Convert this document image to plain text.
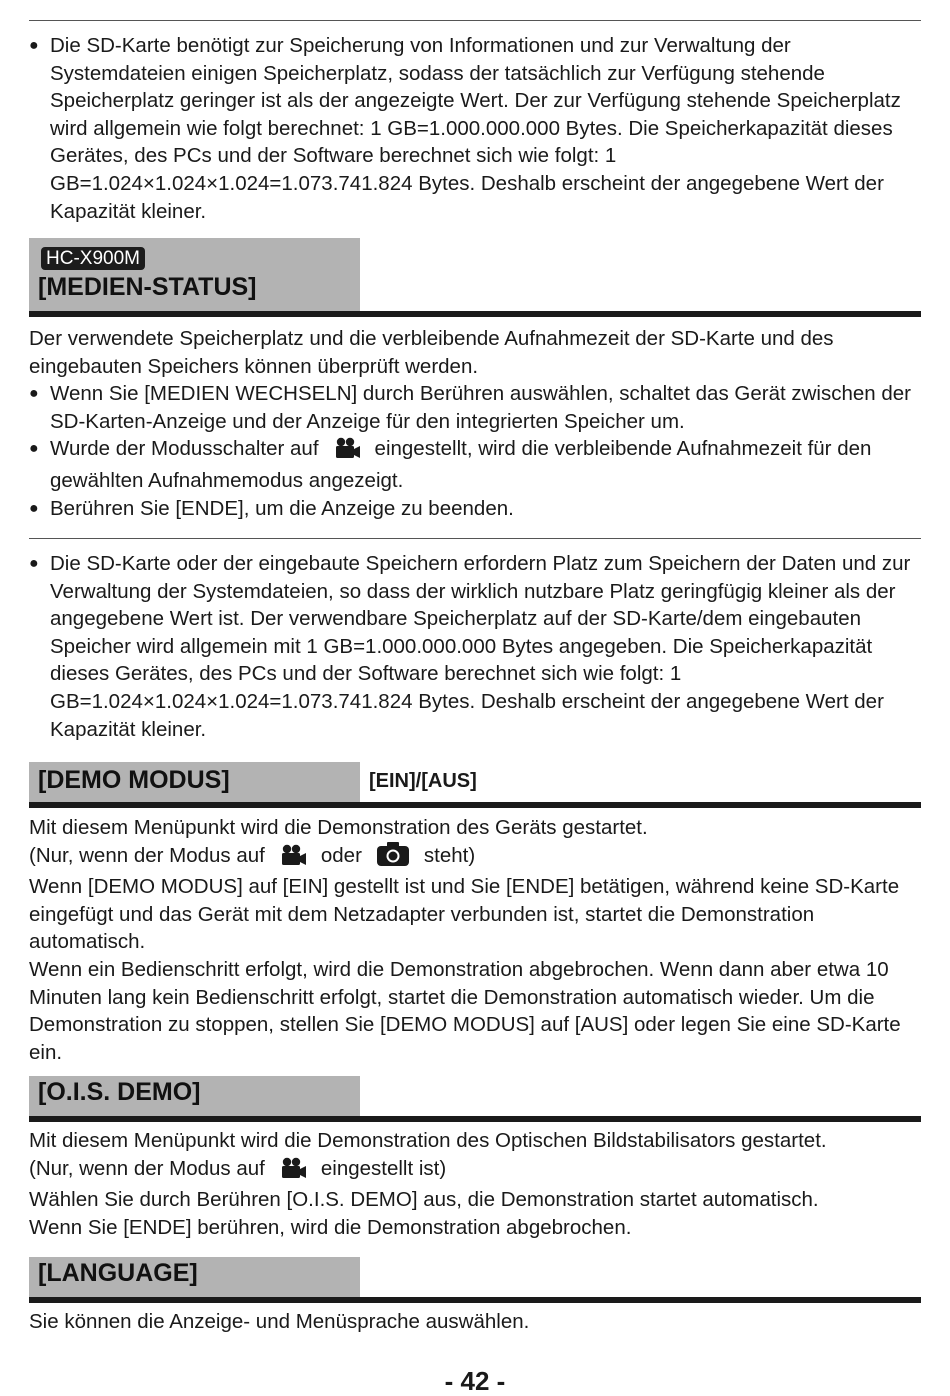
● Die SD-Karte benötigt zur Speicherung von Informationen und zur Verwaltung der Systemdateien einigen Speicherplatz, sodass der tatsächlich zur Verfügung stehende Speicherplatz geringer ist als der angezeigte Wert. Der zur Verfügung stehende Speicherplatz wird allgemein wie folgt berechnet: 1 GB=1.000.000.000 Bytes. Die Speicherkapazität dieses Gerätes, des PCs und der Software berechnet sich wie folgt: 1 GB=1.024×1.024×1.024=1.073.741.824 Bytes. Deshalb erscheint der angegebene Wert der Kapazität kleiner.
HC-X900M
[MEDIEN-STATUS]
Der verwendete Speicherplatz und die verbleibende Aufnahmezeit der SD-Karte und des eingebauten Speichers können überprüft werden.
● Wenn Sie [MEDIEN WECHSELN] durch Berühren auswählen, schaltet das Gerät zwischen der SD-Karten-Anzeige und der Anzeige für den integrierten Speicher um.
● Wurde der Modusschalter auf	eingestellt, wird die verbleibende Aufnahmezeit für den gewählten Aufnahmemodus angezeigt.
● Berühren Sie [ENDE], um die Anzeige zu beenden.
● Die SD-Karte oder der eingebaute Speichern erfordern Platz zum Speichern der Daten und zur Verwaltung der Systemdateien, so dass der wirklich nutzbare Platz geringfügig kleiner als der angegebene Wert ist. Der verwendbare Speicherplatz auf der SD-Karte/dem eingebauten Speicher wird allgemein mit 1 GB=1.000.000.000 Bytes angegeben. Die Speicherkapazität dieses Gerätes, des PCs und der Software berechnet sich wie folgt: 1 GB=1.024×1.024×1.024=1.073.741.824 Bytes. Deshalb erscheint der angegebene Wert der Kapazität kleiner.
[DEMO MODUS]	[EIN]/[AUS]
Mit diesem Menüpunkt wird die Demonstration des Geräts gestartet.
(Nur, wenn der Modus auf	oder	steht)
Wenn [DEMO MODUS] auf [EIN] gestellt ist und Sie [ENDE] betätigen, während keine SD-Karte eingefügt und das Gerät mit dem Netzadapter verbunden ist, startet die Demonstration automatisch.
Wenn ein Bedienschritt erfolgt, wird die Demonstration abgebrochen. Wenn dann aber etwa 10 Minuten lang kein Bedienschritt erfolgt, startet die Demonstration automatisch wieder. Um die Demonstration zu stoppen, stellen Sie [DEMO MODUS] auf [AUS] oder legen Sie eine SD-Karte ein.
[O.I.S. DEMO]
Mit diesem Menüpunkt wird die Demonstration des Optischen Bildstabilisators gestartet.
(Nur, wenn der Modus auf	eingestellt ist)
Wählen Sie durch Berühren [O.I.S. DEMO] aus, die Demonstration startet automatisch.
Wenn Sie [ENDE] berühren, wird die Demonstration abgebrochen.
[LANGUAGE]
Sie können die Anzeige- und Menüsprache auswählen.
- 42 -
